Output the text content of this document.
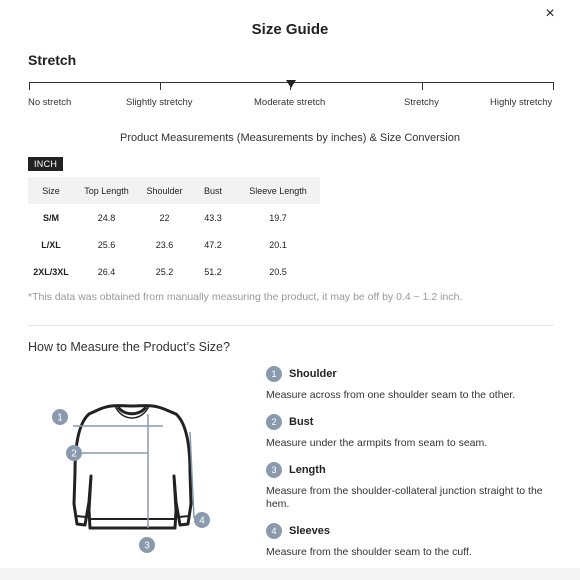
Size Guide
×
Stretch
No stretch	Slightly stretchy	Moderate stretch	Stretchy	Highly stretchy
Product Measurements (Measurements by inches) & Size Conversion
INCH
Size	Top Length	Shoulder	Bust	Sleeve Length
S/M	24.8	22	43.3	19.7
L/XL	25.6	23.6	47.2	20.1
2XL/3XL	26.4	25.2	51.2	20.5
*This data was obtained from manually measuring the product, it may be off by 0.4 ~ 1.2 inch.
How to Measure the Product’s Size?
1
2
3
4
1 Shoulder
Measure across from one shoulder seam to the other.
2 Bust
Measure under the armpits from seam to seam.
3 Length
Measure from the shoulder-collateral junction straight to the hem.
4 Sleeves
Measure from the shoulder seam to the cuff.
